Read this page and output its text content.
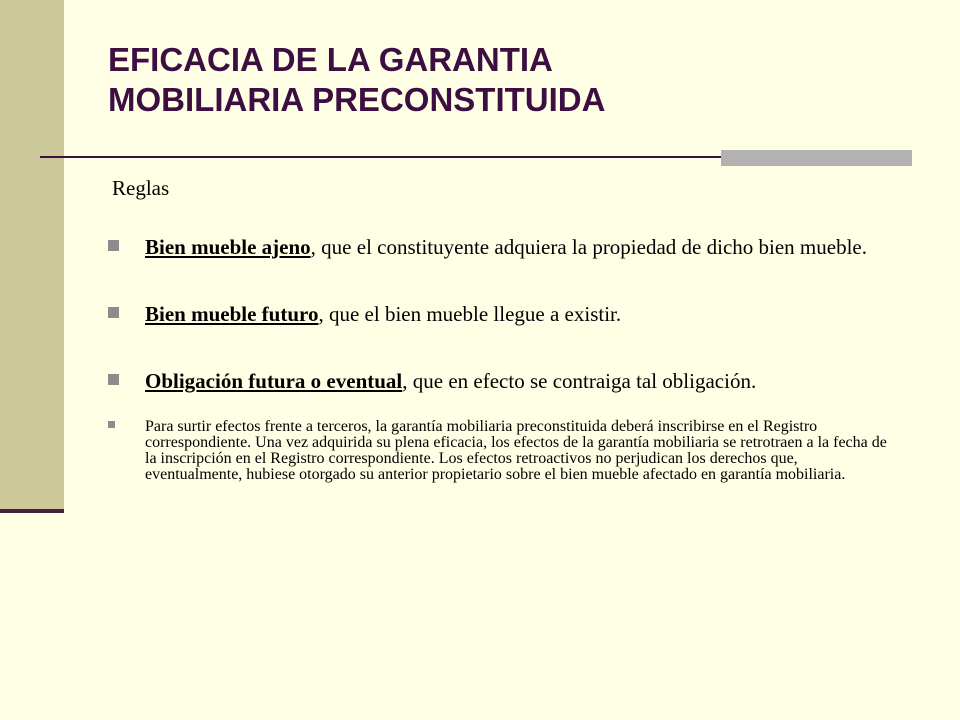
EFICACIA DE LA GARANTIA
MOBILIARIA PRECONSTITUIDA
Reglas
Bien mueble ajeno, que el constituyente adquiera la propiedad de dicho bien mueble.
Bien mueble futuro, que el bien mueble llegue a existir.
Obligación futura o eventual, que en efecto se contraiga tal obligación.
Para surtir efectos frente a terceros, la garantía mobiliaria preconstituida deberá inscribirse en el Registro correspondiente. Una vez adquirida su plena eficacia, los efectos de la garantía mobiliaria se retrotraen a la fecha de la inscripción en el Registro correspondiente. Los efectos retroactivos no perjudican los derechos que, eventualmente, hubiese otorgado su anterior propietario sobre el bien mueble afectado en garantía mobiliaria.
